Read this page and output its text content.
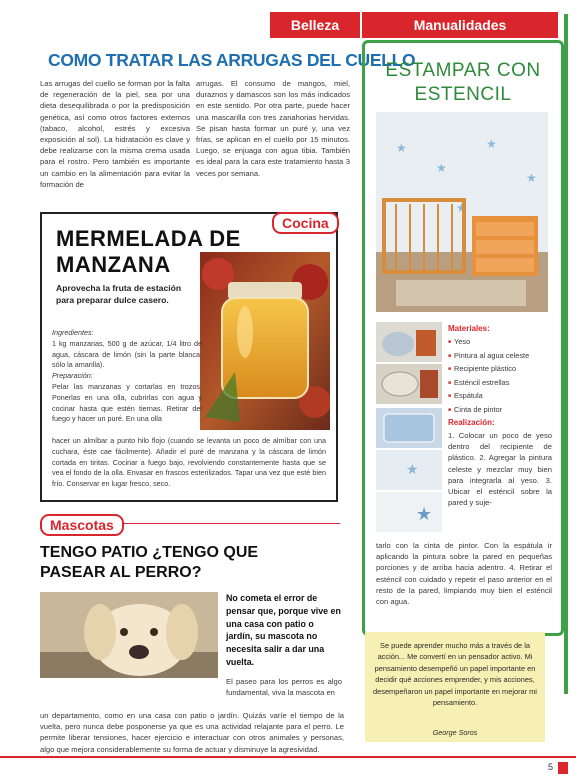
Belleza	Manualidades
COMO TRATAR LAS ARRUGAS DEL CUELLO
Las arrugas del cuello se forman por la falta de regeneración de la piel, sea por una dieta desequilibrada o por la predisposición genética, así como otros factores externos (tabaco, alcohol, estrés y excesiva exposición al sol). La hidratación es clave y debe realizarse con la misma crema usada para el rostro. Pero también es importante un cambio en la alimentación para evitar la formación de
arrugas. El consumo de mangos, miel, duraznos y damascos son los más indicados en este sentido. Por otra parte, puede hacer una mascarilla con tres zanahorias hervidas. Se pisan hasta formar un puré y, una vez frías, se aplican en el cuello por 15 minutos. Luego, se enjuaga con agua tibia. También es ideal para la cara este tratamiento hasta 3 veces por semana.
Cocina
MERMELADA DE
MANZANA
Aprovecha la fruta de estación para preparar dulce casero.

Ingredientes:

1 kg manzanas, 500 g de azúcar, 1/4 litro de agua, cáscara de limón (sin la parte blanca, sólo la amarilla).

Preparación:

Pelar las manzanas y cortarlas en trozos. Ponerlas en una olla, cubrirlas con agua y cocinar hasta que estén tiernas. Retirar del fuego y hacer un puré. En una olla

hacer un almíbar a punto hilo flojo (cuando se levanta un poco de almíbar con una cuchara, éste cae fácilmente). Añadir el puré de manzana y la cáscara de limón cortada en tiritas. Cocinar a fuego bajo, revolviendo constantemente hasta que se vea el fondo de la olla. Envasar en frascos esterilizados. Tapar una vez que esté bien frío. Conservar en lugar fresco, seco.
Mascotas
TENGO PATIO ¿TENGO QUE
PASEAR AL PERRO?
No cometa el error de pensar que, porque vive en una casa con patio o jardín, su mascota no necesita salir a dar una vuelta.
El paseo para los perros es algo fundamental, viva la mascota en
un departamento, como en una casa con patio o jardín. Quizás varíe el tiempo de la vuelta, pero nunca debe posponerse ya que es una actividad relajante para el perro. Le permite liberar tensiones, hacer ejercicio e interactuar con otros animales y personas, algo que mejora considerablemente su forma de actuar y disminuye la agresividad.
ESTAMPAR CON
ESTENCIL
★
★
★
★
★
★
★
Materiales:
■ Yeso
■ Pintura al agua celeste
■ Recipiente plástico
■ Esténcil estrellas
■ Espátula
■ Cinta de pintor
Realización:
1. Colocar un poco de yeso dentro del recipiente de plástico. 2. Agregar la pintura celeste y mezclar muy bien para integrarla al yeso. 3. Ubicar el esténcil sobre la pared y suje-
tarlo con la cinta de pintor. Con la espátula ir aplicando la pintura sobre la pared en pequeñas porciones y de arriba hacia adentro. 4. Retirar el esténcil con cuidado y repetir el paso anterior en el resto de la pared, limpiando muy bien el esténcil con agua.
Se puede aprender mucho más a través de la acción... Me convertí en un pensador activo. Mi pensamiento desempeñó un papel importante en decidir qué acciones emprender, y mis acciones, desempeñaron un papel importante en mejorar mi pensamiento.
George Soros
5
